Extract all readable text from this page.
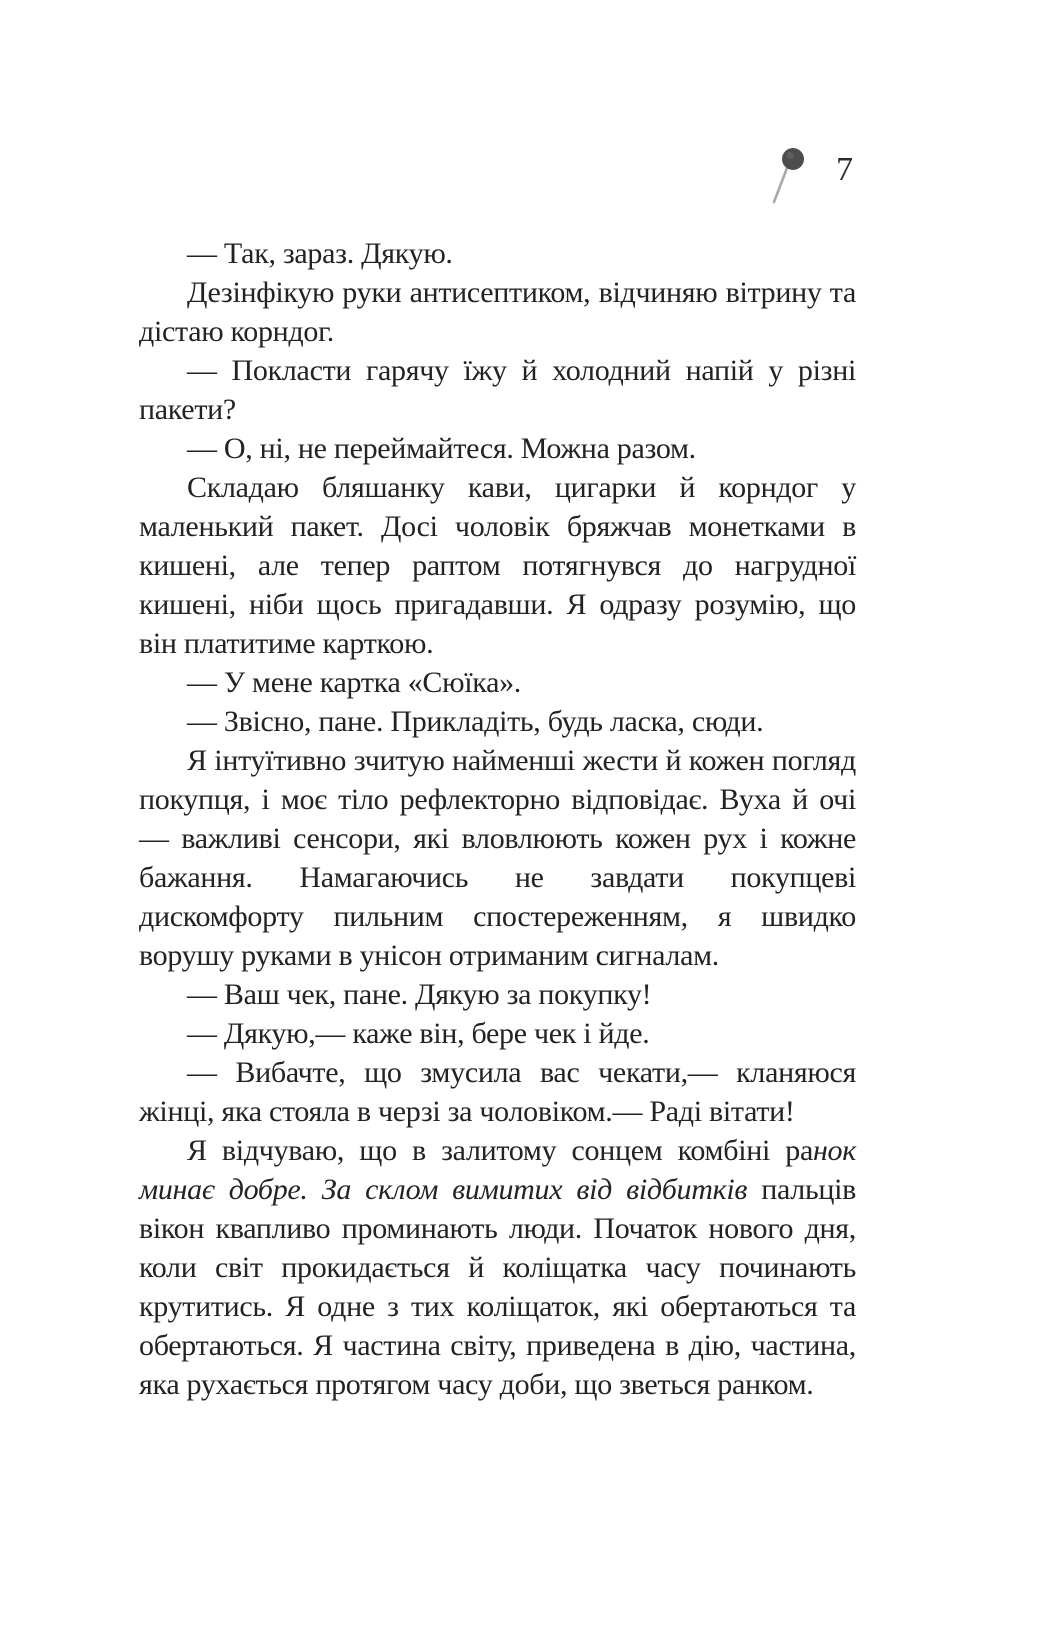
7

— Так, зараз. Дякую.

Дезінфікую руки антисептиком, відчиняю вітрину та дістаю корндог.

— Покласти гарячу їжу й холодний напій у різні пакети?

— О, ні, не переймайтеся. Можна разом.

Складаю бляшанку кави, цигарки й корндог у маленький пакет. Досі чоловік бряжчав монетками в кишені, але тепер раптом потягнувся до нагрудної кишені, ніби щось пригадавши. Я одразу розумію, що він платитиме карткою.

— У мене картка «Сюїка».

— Звісно, пане. Прикладіть, будь ласка, сюди.

Я інтуїтивно зчитую найменші жести й кожен погляд покупця, і моє тіло рефлекторно відповідає. Вуха й очі — важливі сенсори, які вловлюють кожен рух і кожне бажання. Намагаючись не завдати покупцеві дискомфорту пильним спостереженням, я швидко ворушу руками в унісон отриманим сигналам.

— Ваш чек, пане. Дякую за покупку!

— Дякую,— каже він, бере чек і йде.

— Вибачте, що змусила вас чекати,— кланяюся жінці, яка стояла в черзі за чоловіком.— Раді вітати!

Я відчуваю, що в залитому сонцем комбіні ранок минає добре. За склом вимитих від відбитків пальців вікон квапливо проминають люди. Початок нового дня, коли світ прокидається й коліщатка часу починають крутитись. Я одне з тих коліщаток, які обертаються та обертаються. Я частина світу, приведена в дію, частина, яка рухається протягом часу доби, що зветься ранком.
